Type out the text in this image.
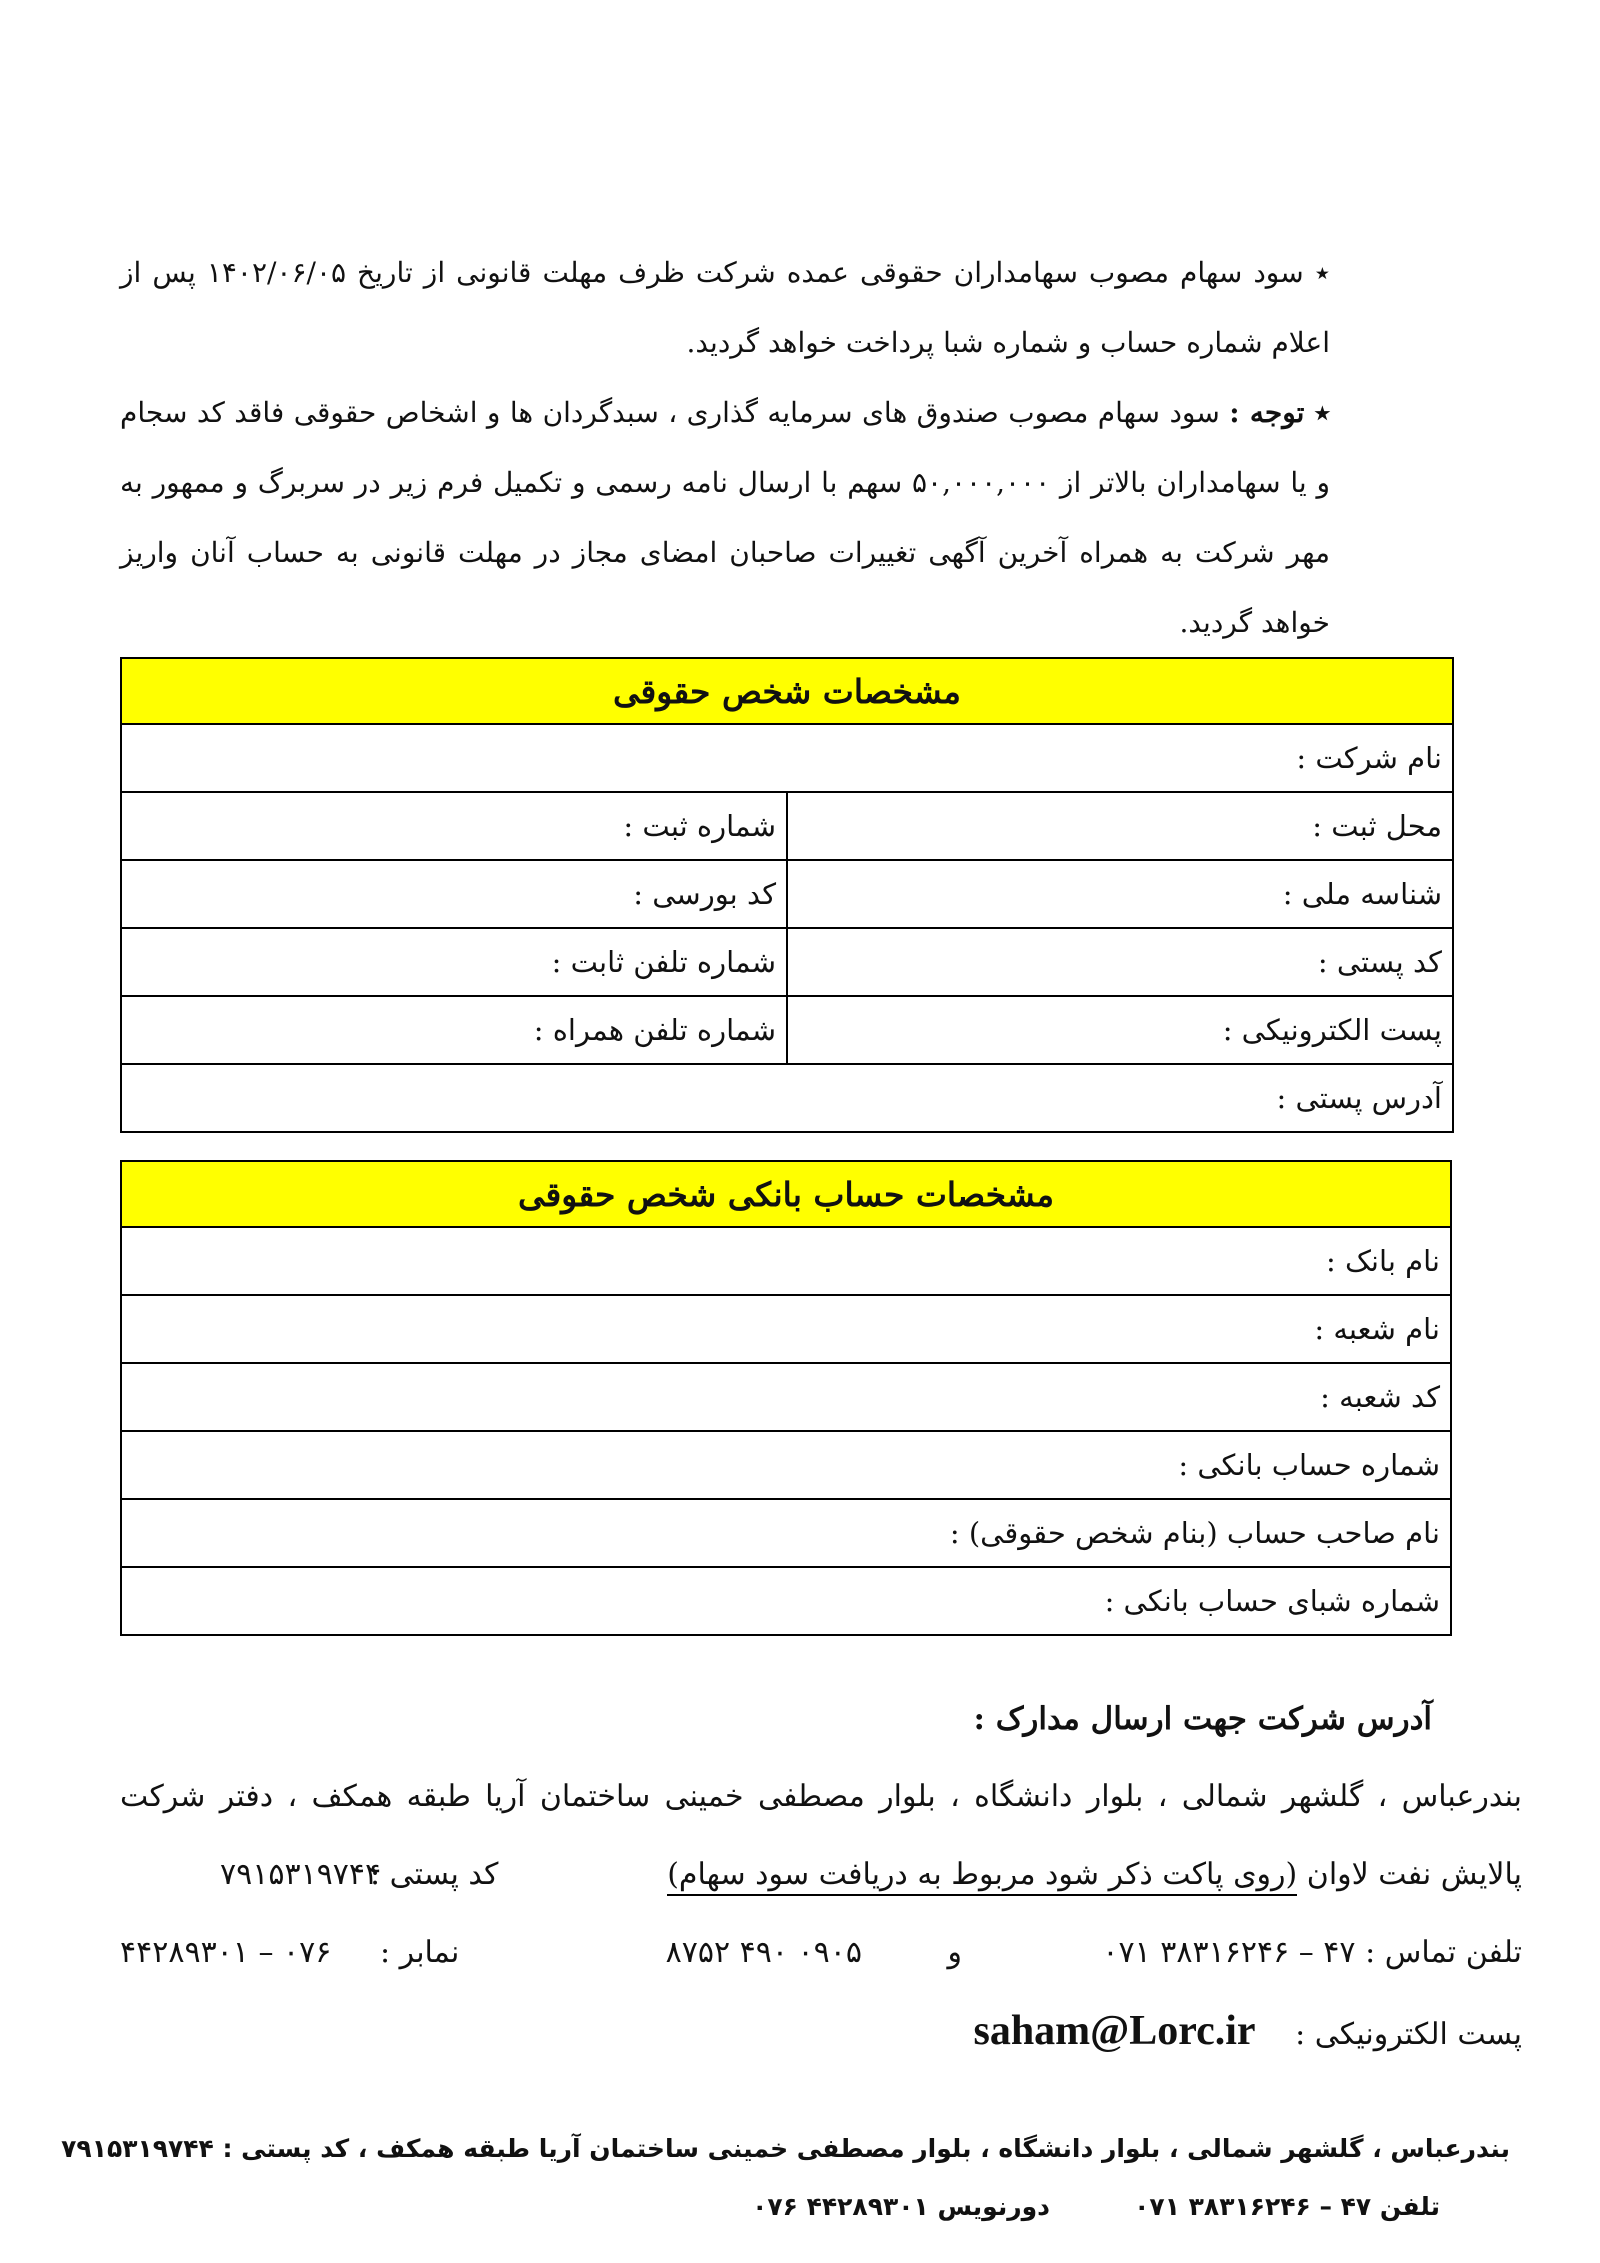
٭ سود سهام مصوب سهامداران حقوقی عمده شرکت ظرف مهلت قانونی از تاریخ ۱۴۰۲/۰۶/۰۵ پس از اعلام شماره حساب و شماره شبا پرداخت خواهد گردید.

٭ توجه : سود سهام مصوب صندوق های سرمایه گذاری ، سبدگردان ها و اشخاص حقوقی فاقد کد سجام و یا سهامداران بالاتر از ۵۰,۰۰۰,۰۰۰ سهم با ارسال نامه رسمی و تکمیل فرم زیر در سربرگ و ممهور به مهر شرکت به همراه آخرین آگهی تغییرات صاحبان امضای مجاز در مهلت قانونی به حساب آنان واریز خواهد گردید.

مشخصات شخص حقوقی	
نام شرکت :	
محل ثبت :	شماره ثبت :
شناسه ملی :	کد بورسی :
کد پستی :	شماره تلفن ثابت :
پست الکترونیکی :	شماره تلفن همراه :
آدرس پستی :	
مشخصات حساب بانکی شخص حقوقی
نام بانک :
نام شعبه :
کد شعبه :
شماره حساب بانکی :
نام صاحب حساب (بنام شخص حقوقی) :
شماره شبای حساب بانکی :
آدرس شرکت جهت ارسال مدارک :
بندرعباس ، گلشهر شمالی ، بلوار دانشگاه ، بلوار مصطفی خمینی ساختمان آریا طبقه همکف ، دفتر شرکت
پالایش نفت لاوان (روی پاکت ذکر شود مربوط به دریافت سود سهام)
کد پستی :
۷۹۱۵۳۱۹۷۴۴
تلفن تماس : ۴۷ – ۳۸۳۱۶۲۴۶ ۰۷۱
و
۰۹۰۵ ۴۹۰ ۸۷۵۲
نمابر :
۰۷۶ – ۴۴۲۸۹۳۰۱
پست الکترونیکی : saham@Lorc.ir
بندرعباس ، گلشهر شمالی ، بلوار دانشگاه ، بلوار مصطفی خمینی ساختمان آریا طبقه همکف ، کد پستی : ۷۹۱۵۳۱۹۷۴۴
تلفن ۴۷ – ۳۸۳۱۶۲۴۶ ۰۷۱
دورنویس ۴۴۲۸۹۳۰۱ ۰۷۶
